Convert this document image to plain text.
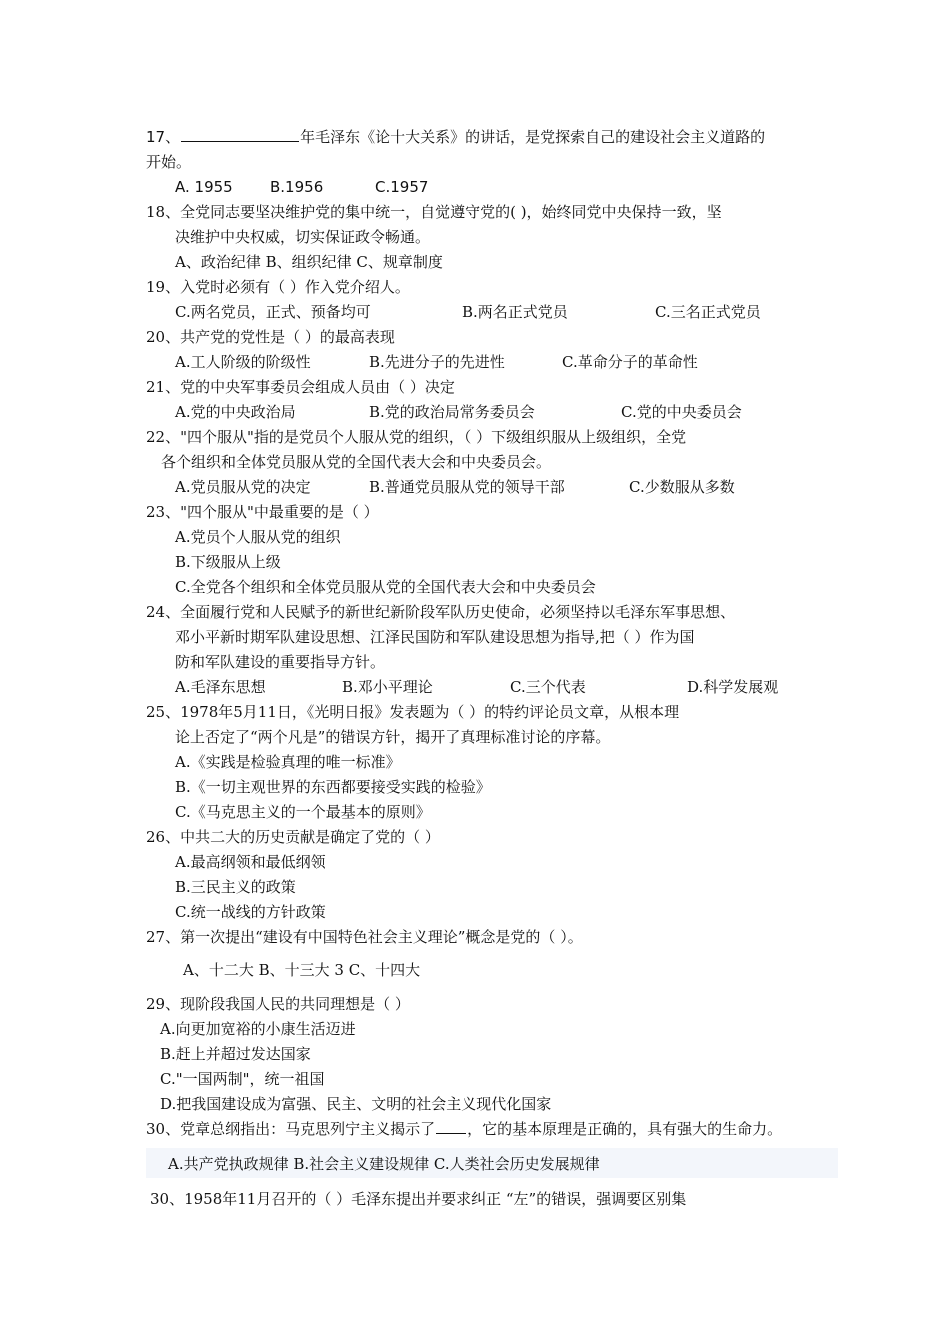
17、	年毛泽东《论十大关系》的讲话，是党探索自己的建设社会主义道路的
开始。
A. 1955 B.1956	C.1957
18、全党同志要坚决维护党的集中统一，自觉遵守党的( )，始终同党中央保持一致，坚
决维护中央权威，切实保证政令畅通。
A、政治纪律 B、组织纪律 C、规章制度
19、入党时必须有（ ）作入党介绍人。
C.两名党员，正式、预备均可	B.两名正式党员	C.三名正式党员
20、共产党的党性是（ ）的最高表现
A.工人阶级的阶级性	B.先进分子的先进性	C.革命分子的革命性
21、党的中央军事委员会组成人员由（ ）决定
A.党的中央政治局	B.党的政治局常务委员会	C.党的中央委员会
22、"四个服从"指的是党员个人服从党的组织，（ ）下级组织服从上级组织，全党
各个组织和全体党员服从党的全国代表大会和中央委员会。
A.党员服从党的决定	B.普通党员服从党的领导干部	C.少数服从多数
23、"四个服从"中最重要的是（ ）
A.党员个人服从党的组织
B.下级服从上级
C.全党各个组织和全体党员服从党的全国代表大会和中央委员会
24、全面履行党和人民赋予的新世纪新阶段军队历史使命，必须坚持以毛泽东军事思想、
邓小平新时期军队建设思想、江泽民国防和军队建设思想为指导,把（ ）作为国
防和军队建设的重要指导方针。
A.毛泽东思想	B.邓小平理论	C.三个代表	D.科学发展观
25、1978年5月11日，《光明日报》发表题为（ ）的特约评论员文章，从根本理
论上否定了“两个凡是”的错误方针，揭开了真理标准讨论的序幕。
A.《实践是检验真理的唯一标准》
B.《一切主观世界的东西都要接受实践的检验》
C.《马克思主义的一个最基本的原则》
26、中共二大的历史贡献是确定了党的（ ）
A.最高纲领和最低纲领
B.三民主义的政策
C.统一战线的方针政策
27、第一次提出“建设有中国特色社会主义理论”概念是党的（ ）。
A、十二大 B、十三大 3 C、十四大
29、现阶段我国人民的共同理想是（ ）
A.向更加宽裕的小康生活迈进
B.赶上并超过发达国家
C."一国两制"，统一祖国
D.把我国建设成为富强、民主、文明的社会主义现代化国家
30、党章总纲指出：马克思列宁主义揭示了 ，它的基本原理是正确的，具有强大的生命力。
A.共产党执政规律 B.社会主义建设规律 C.人类社会历史发展规律
30、1958年11月召开的（ ）毛泽东提出并要求纠正 “左”的错误，强调要区别集
